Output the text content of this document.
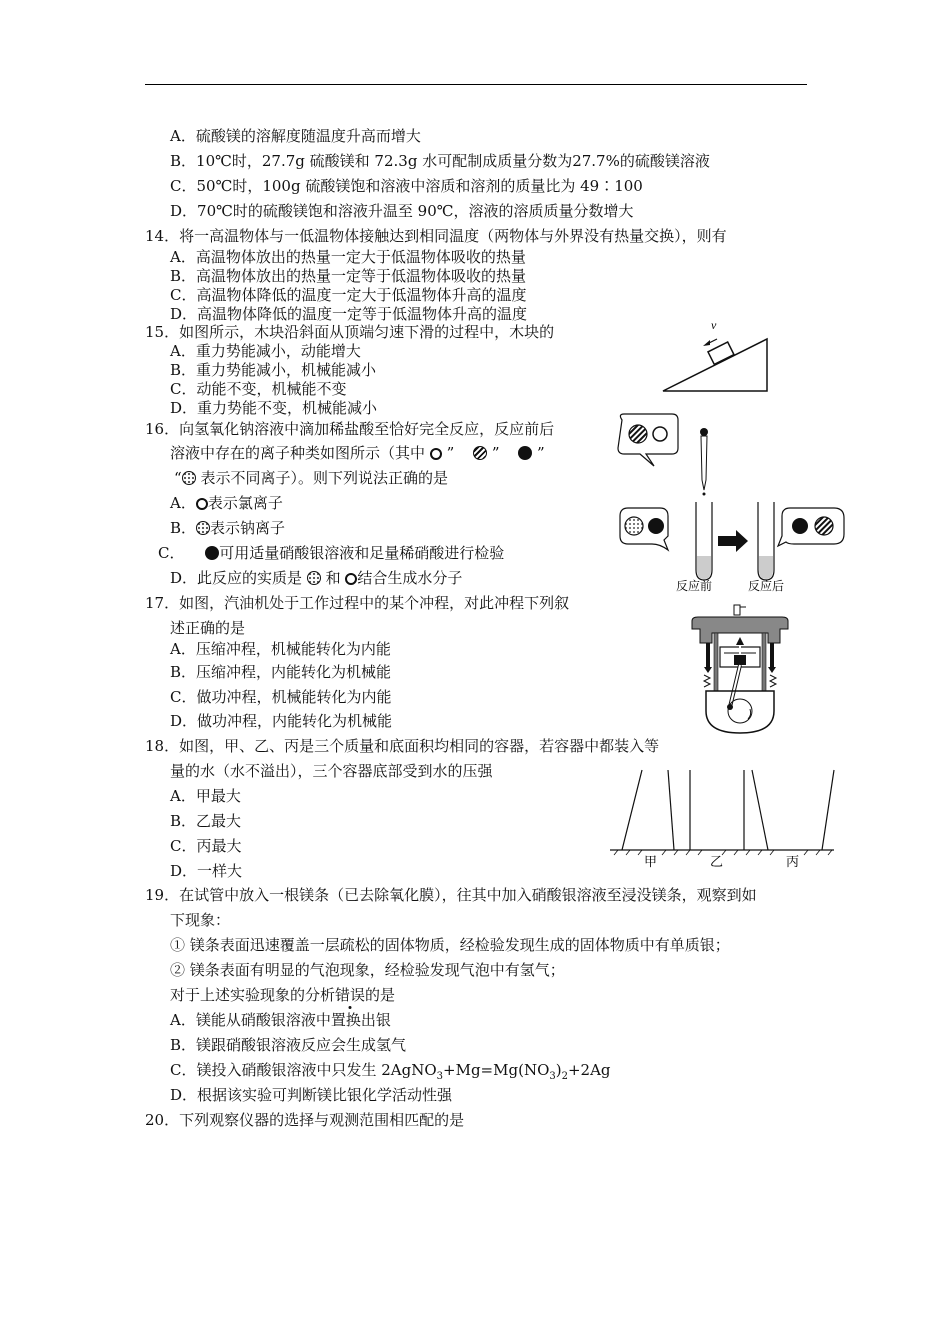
A．硫酸镁的溶解度随温度升高而增大
B．10℃时，27.7g 硫酸镁和 72.3g 水可配制成质量分数为27.7%的硫酸镁溶液
C．50℃时，100g 硫酸镁饱和溶液中溶质和溶剂的质量比为 49∶100
D．70℃时的硫酸镁饱和溶液升温至 90℃，溶液的溶质质量分数增大
14．将一高温物体与一低温物体接触达到相同温度（两物体与外界没有热量交换），则有
A．高温物体放出的热量一定大于低温物体吸收的热量
B．高温物体放出的热量一定等于低温物体吸收的热量
C．高温物体降低的温度一定大于低温物体升高的温度
D．高温物体降低的温度一定等于低温物体升高的温度
15．如图所示，木块沿斜面从顶端匀速下滑的过程中，木块的
A．重力势能减小，动能增大
B．重力势能减小，机械能减小
C．动能不变，机械能不变
D．重力势能不变，机械能减小
v
16．向氢氧化钠溶液中滴加稀盐酸至恰好完全反应，反应前后
溶液中存在的离子种类如图所示（其中 ”	”	”
“ 表示不同离子）。则下列说法正确的是
A． 表示氯离子
B． 表示钠离子
C． 可用适量硝酸银溶液和足量稀硝酸进行检验
D．此反应的实质是 和 结合生成水分子	反应前	反应后
17．如图，汽油机处于工作过程中的某个冲程，对此冲程下列叙
述正确的是
A．压缩冲程，机械能转化为内能
B．压缩冲程，内能转化为机械能
C．做功冲程，机械能转化为内能
D．做功冲程，内能转化为机械能
18．如图，甲、乙、丙是三个质量和底面积均相同的容器，若容器中都装入等
量的水（水不溢出），三个容器底部受到水的压强
A．甲最大
B．乙最大
C．丙最大
D．一样大	甲	乙	丙
19．在试管中放入一根镁条（已去除氧化膜），往其中加入硝酸银溶液至浸没镁条，观察到如
下现象：
① 镁条表面迅速覆盖一层疏松的固体物质，经检验发现生成的固体物质中有单质银；
② 镁条表面有明显的气泡现象，经检验发现气泡中有氢气；
对于上述实验现象的分析错误的是
A．镁能从硝酸银溶液中置换出银
B．镁跟硝酸银溶液反应会生成氢气
C．镁投入硝酸银溶液中只发生 $2AgNO_3+Mg=Mg(NO_3)_2+2Ag$
D．根据该实验可判断镁比银化学活动性强
20．下列观察仪器的选择与观测范围相匹配的是
